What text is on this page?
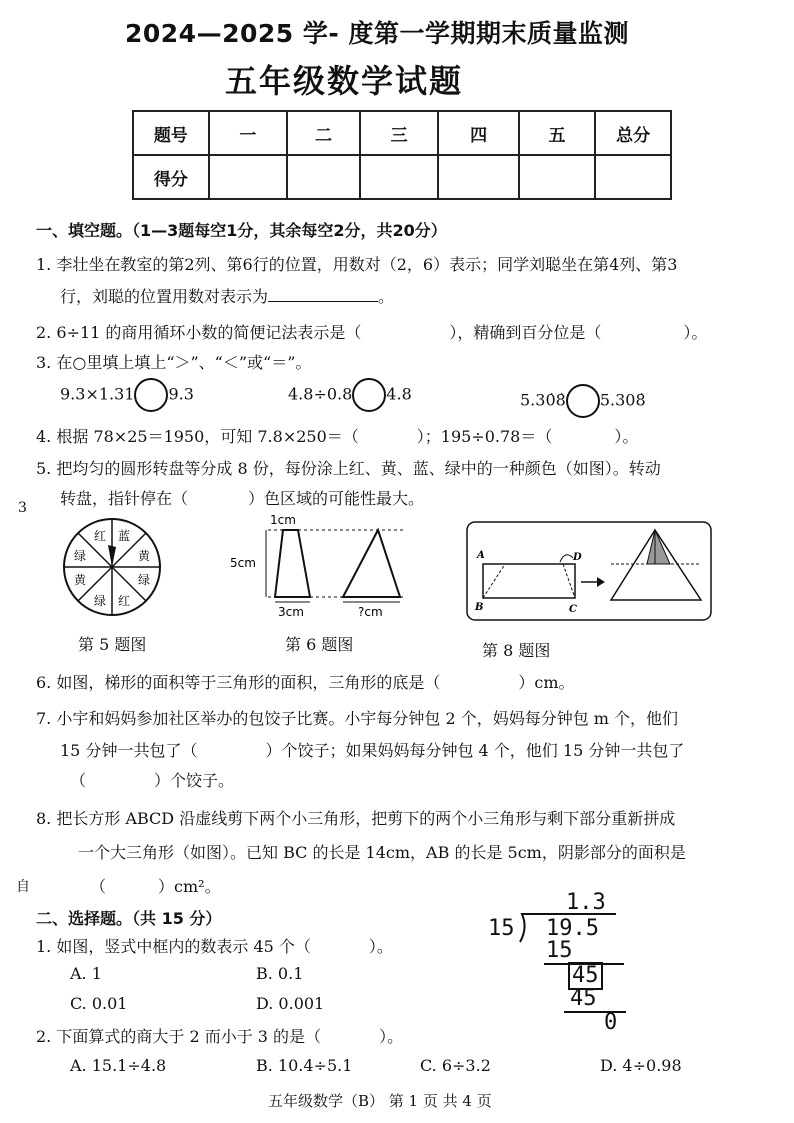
2024—2025 学- 度第一学期期末质量监测
五年级数学试题
题号	一	二	三	四	五	总分
得分						
一、填空题。（1—3题每空1分，其余每空2分，共20分）
1. 李壮坐在教室的第2列、第6行的位置，用数对（2，6）表示；同学刘聪坐在第4列、第3
行，刘聪的位置用数对表示为	。
2. 6÷11 的商用循环小数的简便记法表示是（	），精确到百分位是（	）。
3. 在○里填上填上“＞”、“＜”或“＝”。
9.3×1.31 9.3	4.8÷0.8 4.8	5.30̇8̇ 5.308̇
4. 根据 78×25＝1950，可知 7.8×250＝（	）；195÷0.78＝（	）。
5. 把均匀的圆形转盘等分成 8 份，每份涂上红、黄、蓝、绿中的一种颜色（如图）。转动
转盘，指针停在（	）色区域的可能性最大。
红 蓝
黄
绿
红
绿
黄
绿
第 5 题图
1cm
5cm
3cm	?cm
第 6 题图
A
B	C
D
第 8 题图
6. 如图，梯形的面积等于三角形的面积，三角形的底是（	）cm。
7. 小宇和妈妈参加社区举办的包饺子比赛。小宇每分钟包 2 个，妈妈每分钟包 m 个，他们
15 分钟一共包了（	）个饺子；如果妈妈每分钟包 4 个，他们 15 分钟一共包了
（	）个饺子。
8. 把长方形 ABCD 沿虚线剪下两个小三角形，把剪下的两个小三角形与剩下部分重新拼成
一个大三角形（如图）。已知 BC 的长是 14cm，AB 的长是 5cm，阴影部分的面积是
（	）cm²。
二、选择题。（共 15 分）
1. 如图，竖式中框内的数表示 45 个（	）。
A. 1	B. 0.1
C. 0.01	D. 0.001
2. 下面算式的商大于 2 而小于 3 的是（	）。
A. 15.1÷4.8	B. 10.4÷5.1	C. 6÷3.2	D. 4÷0.98
1.3
15 19.5
15
45
45
0
3
自
五年级数学（B） 第 1 页 共 4 页
